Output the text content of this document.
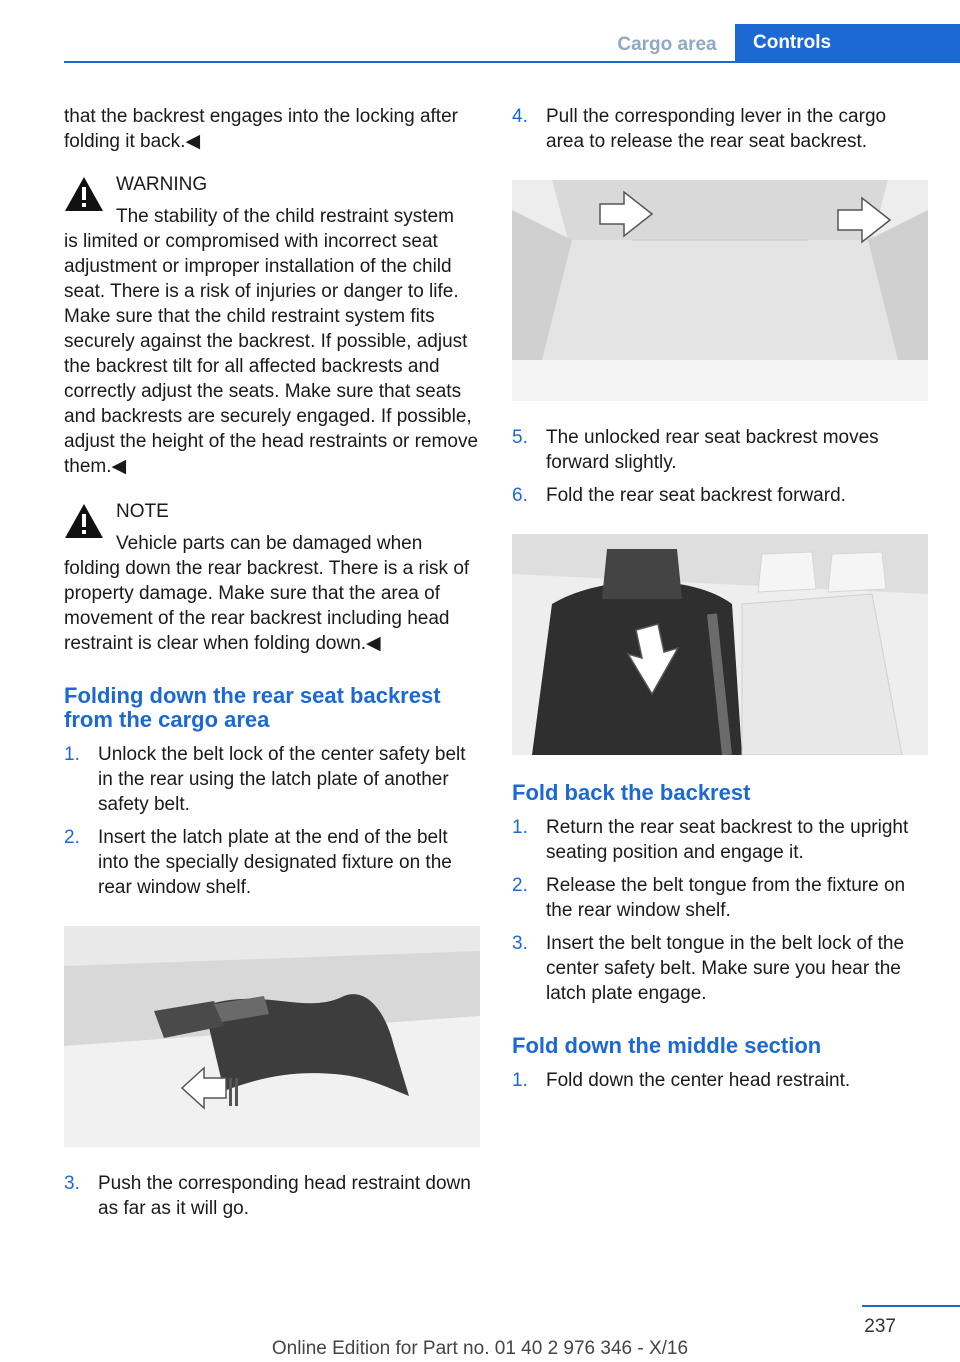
Cargo area	Controls

that the backrest engages into the locking after folding it back.◀

WARNING

The stability of the child restraint system

is limited or compromised with incorrect seat adjustment or improper installation of the child seat. There is a risk of injuries or danger to life. Make sure that the child restraint system fits securely against the backrest. If possible, adjust the backrest tilt for all affected backrests and correctly adjust the seats. Make sure that seats and backrests are securely engaged. If possible, adjust the height of the head restraints or remove them.◀

NOTE

Vehicle parts can be damaged when

folding down the rear backrest. There is a risk of property damage. Make sure that the area of movement of the rear backrest including head restraint is clear when folding down.◀

Folding down the rear seat backrest from the cargo area
1. Unlock the belt lock of the center safety belt in the rear using the latch plate of another safety belt.
2. Insert the latch plate at the end of the belt into the specially designated fixture on the rear window shelf.
3. Push the corresponding head restraint down as far as it will go.
4. Pull the corresponding lever in the cargo area to release the rear seat backrest.
5. The unlocked rear seat backrest moves forward slightly.
6. Fold the rear seat backrest forward.
Fold back the backrest
1. Return the rear seat backrest to the upright seating position and engage it.
2. Release the belt tongue from the fixture on the rear window shelf.
3. Insert the belt tongue in the belt lock of the center safety belt. Make sure you hear the latch plate engage.
Fold down the middle section
1. Fold down the center head restraint.
237
Online Edition for Part no. 01 40 2 976 346 - X/16
